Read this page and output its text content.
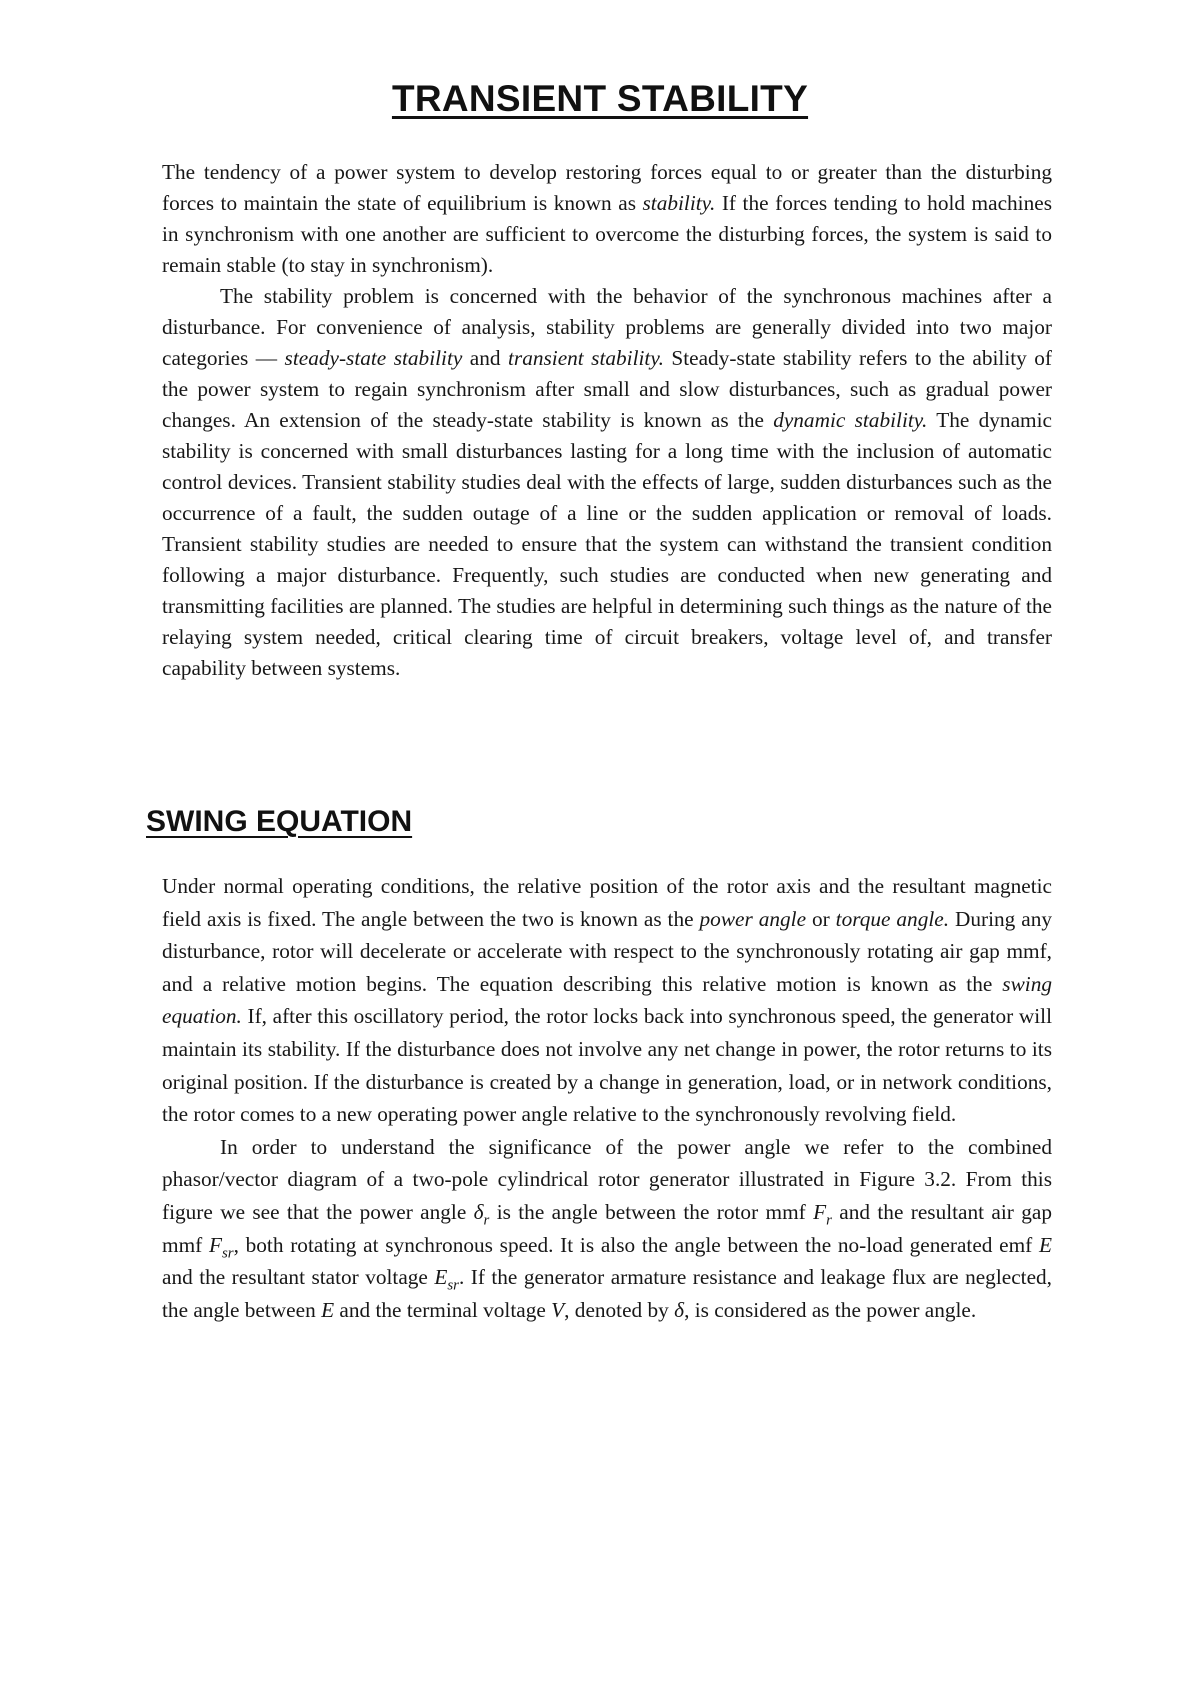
TRANSIENT STABILITY

The tendency of a power system to develop restoring forces equal to or greater than the disturbing forces to maintain the state of equilibrium is known as stability. If the forces tending to hold machines in synchronism with one another are sufficient to overcome the disturbing forces, the system is said to remain stable (to stay in synchronism).

The stability problem is concerned with the behavior of the synchronous machines after a disturbance. For convenience of analysis, stability problems are generally divided into two major categories — steady-state stability and transient stability. Steady-state stability refers to the ability of the power system to regain synchronism after small and slow disturbances, such as gradual power changes. An extension of the steady-state stability is known as the dynamic stability. The dynamic stability is concerned with small disturbances lasting for a long time with the inclusion of automatic control devices. Transient stability studies deal with the effects of large, sudden disturbances such as the occurrence of a fault, the sudden outage of a line or the sudden application or removal of loads. Transient stability studies are needed to ensure that the system can withstand the transient condition following a major disturbance. Frequently, such studies are conducted when new generating and transmitting facilities are planned. The studies are helpful in determining such things as the nature of the relaying system needed, critical clearing time of circuit breakers, voltage level of, and transfer capability between systems.

SWING EQUATION

Under normal operating conditions, the relative position of the rotor axis and the resultant magnetic field axis is fixed. The angle between the two is known as the power angle or torque angle. During any disturbance, rotor will decelerate or accelerate with respect to the synchronously rotating air gap mmf, and a relative motion begins. The equation describing this relative motion is known as the swing equation. If, after this oscillatory period, the rotor locks back into synchronous speed, the generator will maintain its stability. If the disturbance does not involve any net change in power, the rotor returns to its original position. If the disturbance is created by a change in generation, load, or in network conditions, the rotor comes to a new operating power angle relative to the synchronously revolving field.

In order to understand the significance of the power angle we refer to the combined phasor/vector diagram of a two-pole cylindrical rotor generator illustrated in Figure 3.2. From this figure we see that the power angle $\delta_r$ is the angle between the rotor mmf $F_r$ and the resultant air gap mmf $F_{sr}$, both rotating at synchronous speed. It is also the angle between the no-load generated emf E and the resultant stator voltage $E_{sr}$. If the generator armature resistance and leakage flux are neglected, the angle between E and the terminal voltage V, denoted by δ, is considered as the power angle.
